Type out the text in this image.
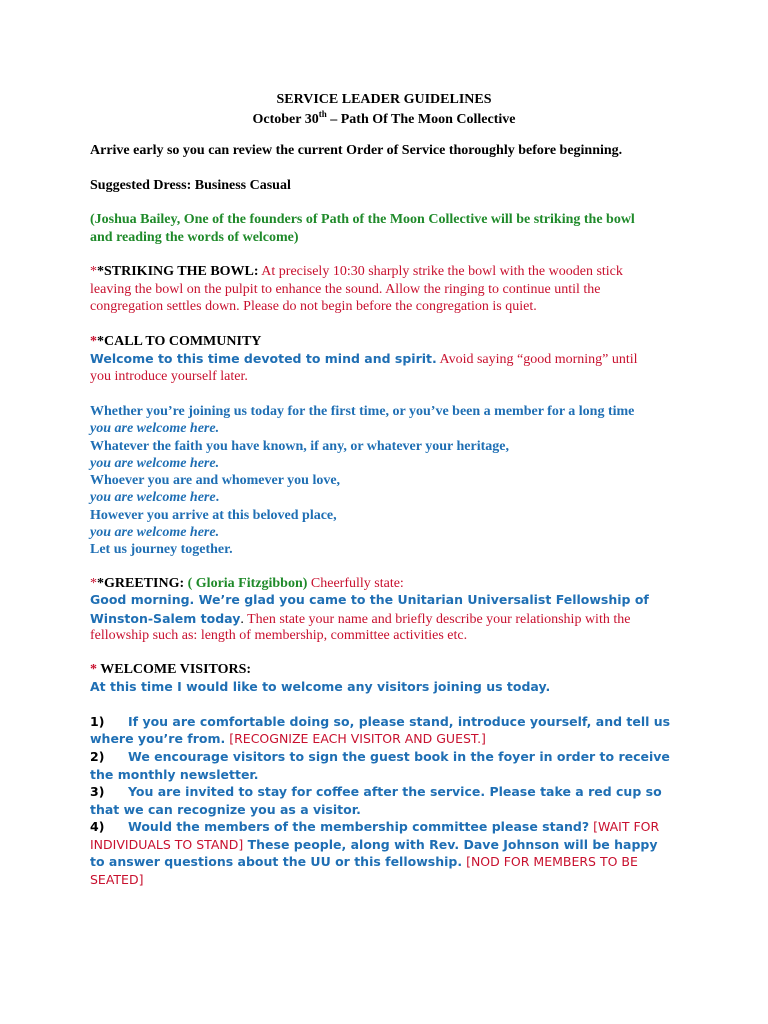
SERVICE LEADER GUIDELINES
October 30th – Path Of The Moon Collective
Arrive early so you can review the current Order of Service thoroughly before beginning.
Suggested Dress: Business Casual
(Joshua Bailey, One of the founders of Path of the Moon Collective will be striking the bowl
and reading the words of welcome)
**STRIKING THE BOWL: At precisely 10:30 sharply strike the bowl with the wooden stick
leaving the bowl on the pulpit to enhance the sound. Allow the ringing to continue until the
congregation settles down. Please do not begin before the congregation is quiet.
**CALL TO COMMUNITY
Welcome to this time devoted to mind and spirit. Avoid saying “good morning” until
you introduce yourself later.
Whether you’re joining us today for the first time, or you’ve been a member for a long time
you are welcome here.
Whatever the faith you have known, if any, or whatever your heritage,
you are welcome here.
Whoever you are and whomever you love,
you are welcome here.
However you arrive at this beloved place,
you are welcome here.
Let us journey together.
**GREETING: ( Gloria Fitzgibbon) Cheerfully state:
Good morning. We’re glad you came to the Unitarian Universalist Fellowship of
Winston-Salem today. Then state your name and briefly describe your relationship with the
fellowship such as: length of membership, committee activities etc.
* WELCOME VISITORS:
At this time I would like to welcome any visitors joining us today.
1) If you are comfortable doing so, please stand, introduce yourself, and tell us
where you’re from. [RECOGNIZE EACH VISITOR AND GUEST.]
2) We encourage visitors to sign the guest book in the foyer in order to receive
the monthly newsletter.
3) You are invited to stay for coffee after the service. Please take a red cup so
that we can recognize you as a visitor.
4) Would the members of the membership committee please stand? [WAIT FOR
INDIVIDUALS TO STAND] These people, along with Rev. Dave Johnson will be happy
to answer questions about the UU or this fellowship. [NOD FOR MEMBERS TO BE
SEATED]
